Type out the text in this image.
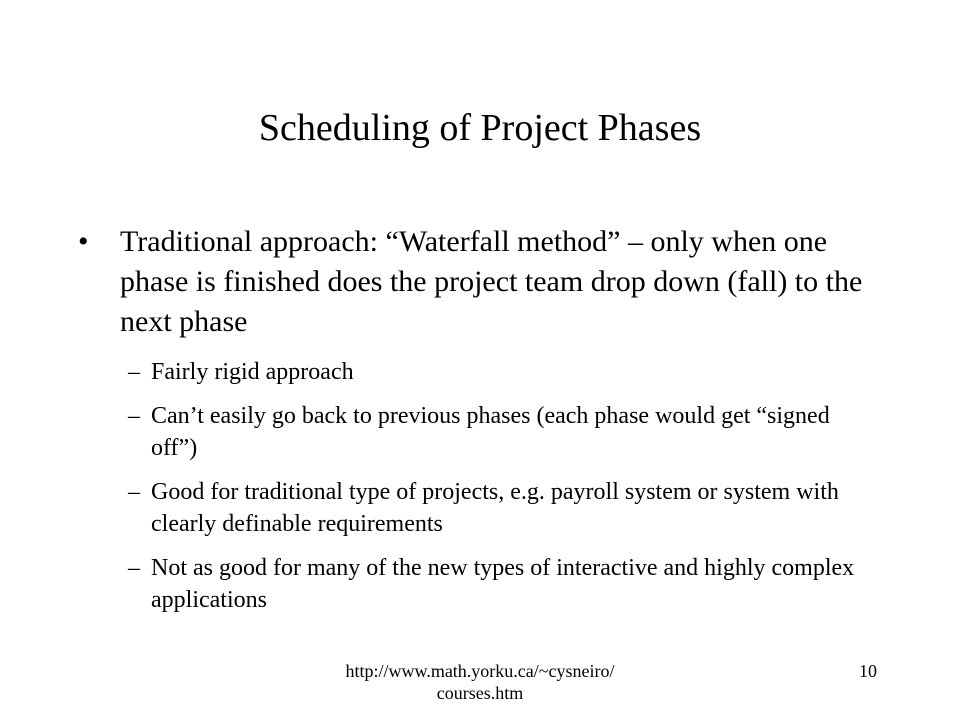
Scheduling of Project Phases
•	Traditional approach: “Waterfall method” – only when one phase is finished does the project team drop down (fall) to the next phase
– Fairly rigid approach
– Can’t easily go back to previous phases (each phase would get “signed off”)
– Good for traditional type of projects, e.g. payroll system or system with clearly definable requirements
– Not as good for many of the new types of interactive and highly complex applications
http://www.math.yorku.ca/~cysneiro/
courses.htm
10
